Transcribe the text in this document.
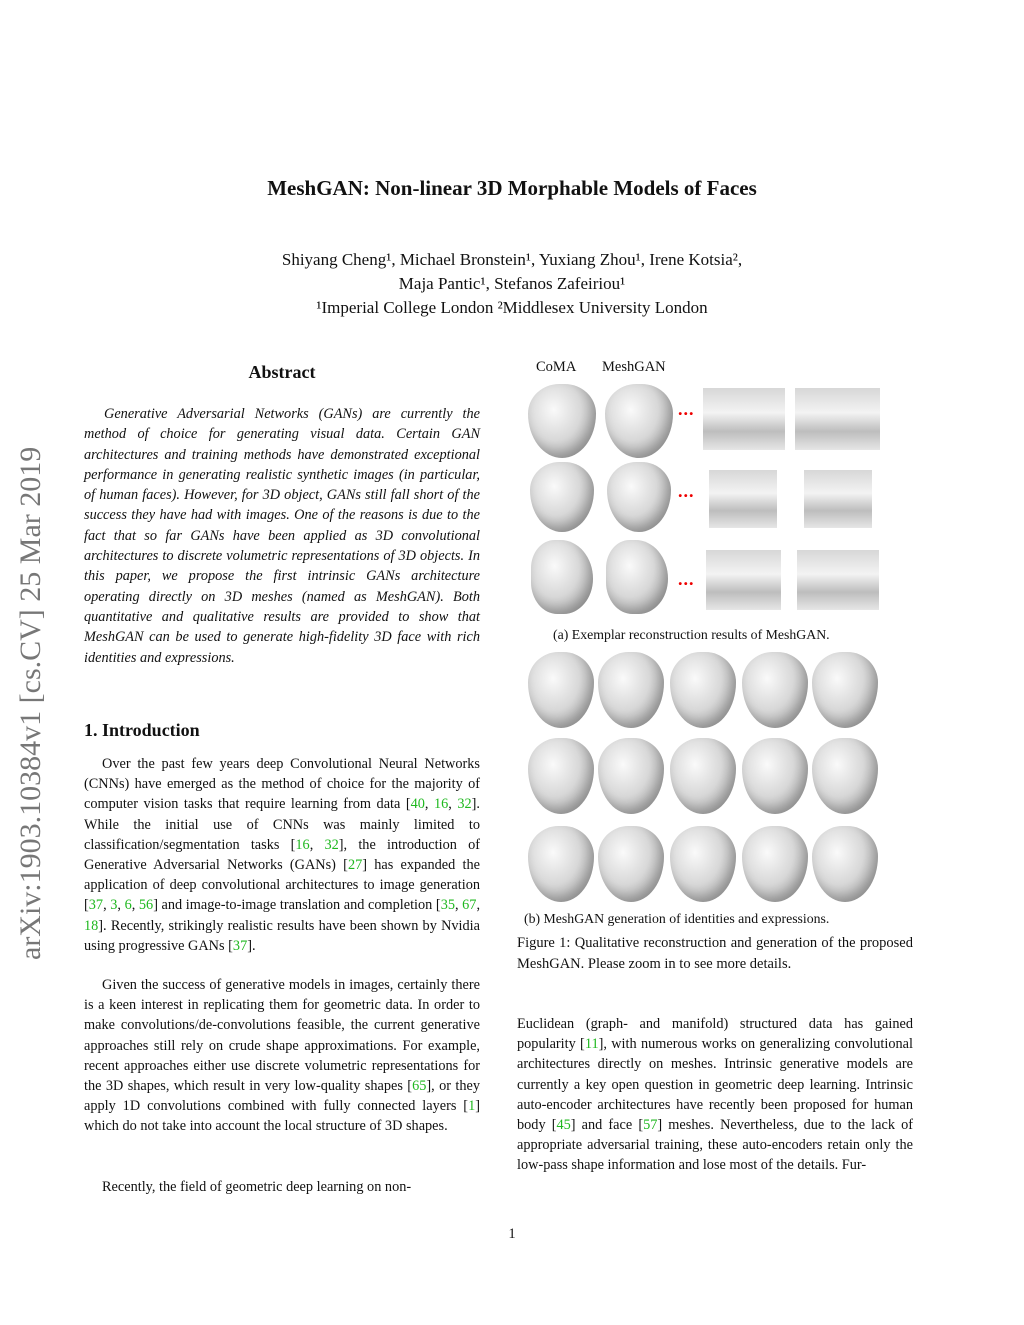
MeshGAN: Non-linear 3D Morphable Models of Faces
Shiyang Cheng¹, Michael Bronstein¹, Yuxiang Zhou¹, Irene Kotsia²,
Maja Pantic¹, Stefanos Zafeiriou¹
¹Imperial College London ²Middlesex University London
arXiv:1903.10384v1 [cs.CV] 25 Mar 2019
Abstract

Generative Adversarial Networks (GANs) are currently the method of choice for generating visual data. Certain GAN architectures and training methods have demonstrated exceptional performance in generating realistic synthetic images (in particular, of human faces). However, for 3D object, GANs still fall short of the success they have had with images. One of the reasons is due to the fact that so far GANs have been applied as 3D convolutional architectures to discrete volumetric representations of 3D objects. In this paper, we propose the first intrinsic GANs architecture operating directly on 3D meshes (named as MeshGAN). Both quantitative and qualitative results are provided to show that MeshGAN can be used to generate high-fidelity 3D face with rich identities and expressions.

1. Introduction

Over the past few years deep Convolutional Neural Networks (CNNs) have emerged as the method of choice for the majority of computer vision tasks that require learning from data [40, 16, 32]. While the initial use of CNNs was mainly limited to classification/segmentation tasks [16, 32], the introduction of Generative Adversarial Networks (GANs) [27] has expanded the application of deep convolutional architectures to image generation [37, 3, 6, 56] and image-to-image translation and completion [35, 67, 18]. Recently, strikingly realistic results have been shown by Nvidia using progressive GANs [37].

Given the success of generative models in images, certainly there is a keen interest in replicating them for geometric data. In order to make convolutions/de-convolutions feasible, the current generative approaches still rely on crude shape approximations. For example, recent approaches either use discrete volumetric representations for the 3D shapes, which result in very low-quality shapes [65], or they apply 1D convolutions combined with fully connected layers [1] which do not take into account the local structure of 3D shapes.

Recently, the field of geometric deep learning on non-

CoMA MeshGAN
...
...
...
(a) Exemplar reconstruction results of MeshGAN.
(b) MeshGAN generation of identities and expressions.

Figure 1: Qualitative reconstruction and generation of the proposed MeshGAN. Please zoom in to see more details.

Euclidean (graph- and manifold) structured data has gained popularity [11], with numerous works on generalizing convolutional architectures directly on meshes. Intrinsic generative models are currently a key open question in geometric deep learning. Intrinsic auto-encoder architectures have recently been proposed for human body [45] and face [57] meshes. Nevertheless, due to the lack of appropriate adversarial training, these auto-encoders retain only the low-pass shape information and lose most of the details. Fur-

1
